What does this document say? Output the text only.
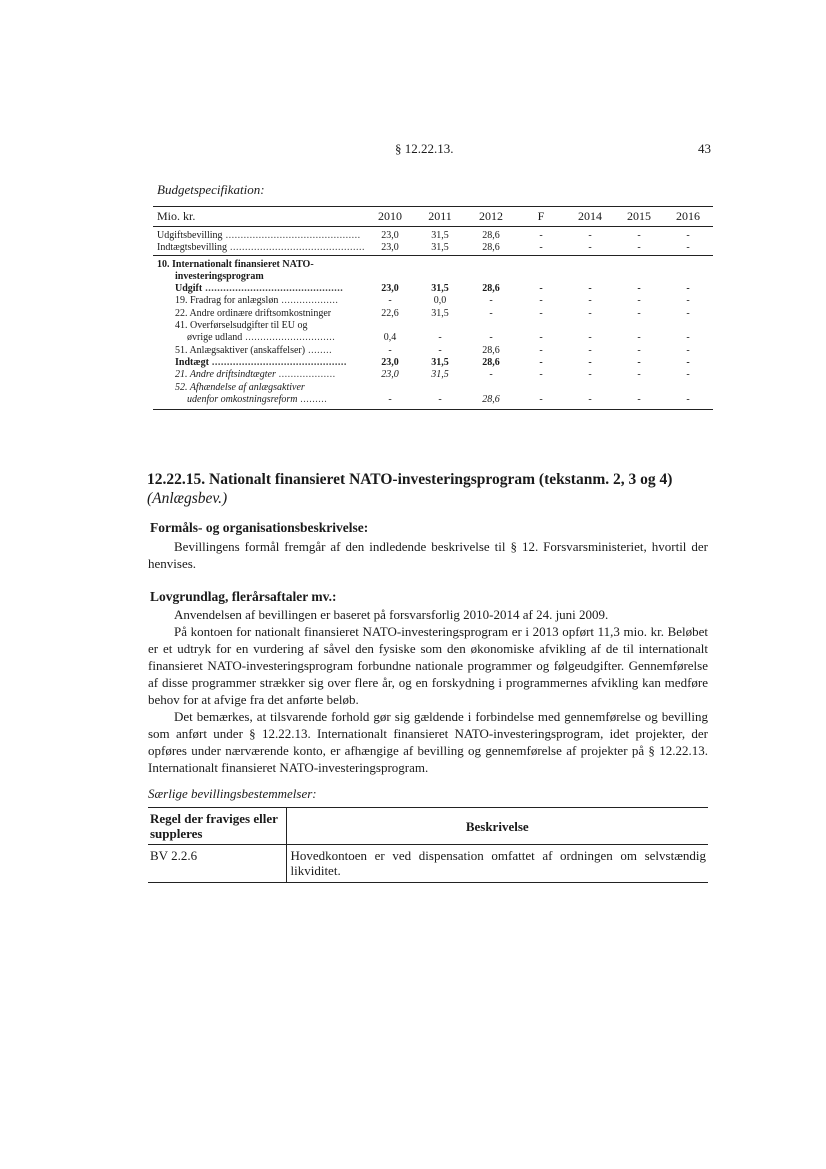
§ 12.22.13.	43
Budgetspecifikation:
Mio. kr.	2010	2011	2012	F	2014	2015	2016
Udgiftsbevilling .............................................	23,0	31,5	28,6	-	-	-	-
Indtægtsbevilling .............................................	23,0	31,5	28,6	-	-	-	-
10. Internationalt finansieret NATO-							
investeringsprogram							
Udgift ..............................................	23,0	31,5	28,6	-	-	-	-
19. Fradrag for anlægsløn ...................	-	0,0	-	-	-	-	-
22. Andre ordinære driftsomkostninger	22,6	31,5	-	-	-	-	-
41. Overførselsudgifter til EU og							
øvrige udland ..............................	0,4	-	-	-	-	-	-
51. Anlægsaktiver (anskaffelser) ........	-	-	28,6	-	-	-	-
Indtægt .............................................	23,0	31,5	28,6	-	-	-	-
21. Andre driftsindtægter ...................	23,0	31,5	-	-	-	-	-
52. Afhændelse af anlægsaktiver							
udenfor omkostningsreform .........	-	-	28,6	-	-	-	-
12.22.15. Nationalt finansieret NATO-investeringsprogram (tekstanm. 2, 3 og 4) (Anlægsbev.)
Formåls- og organisationsbeskrivelse:

Bevillingens formål fremgår af den indledende beskrivelse til § 12. Forsvarsministeriet, hvortil der henvises.

Lovgrundlag, flerårsaftaler mv.:

Anvendelsen af bevillingen er baseret på forsvarsforlig 2010-2014 af 24. juni 2009.

På kontoen for nationalt finansieret NATO-investeringsprogram er i 2013 opført 11,3 mio. kr. Beløbet er et udtryk for en vurdering af såvel den fysiske som den økonomiske afvikling af de til internationalt finansieret NATO-investeringsprogram forbundne nationale programmer og følgeudgifter. Gennemførelse af disse programmer strækker sig over flere år, og en forskydning i programmernes afvikling kan medføre behov for at afvige fra det anførte beløb.

Det bemærkes, at tilsvarende forhold gør sig gældende i forbindelse med gennemførelse og bevilling som anført under § 12.22.13. Internationalt finansieret NATO-investeringsprogram, idet projekter, der opføres under nærværende konto, er afhængige af bevilling og gennemførelse af projekter på § 12.22.13. Internationalt finansieret NATO-investeringsprogram.

Særlige bevillingsbestemmelser:
Regel der fraviges eller suppleres	Beskrivelse
BV 2.2.6	Hovedkontoen er ved dispensation omfattet af ordningen om selvstændig likviditet.
